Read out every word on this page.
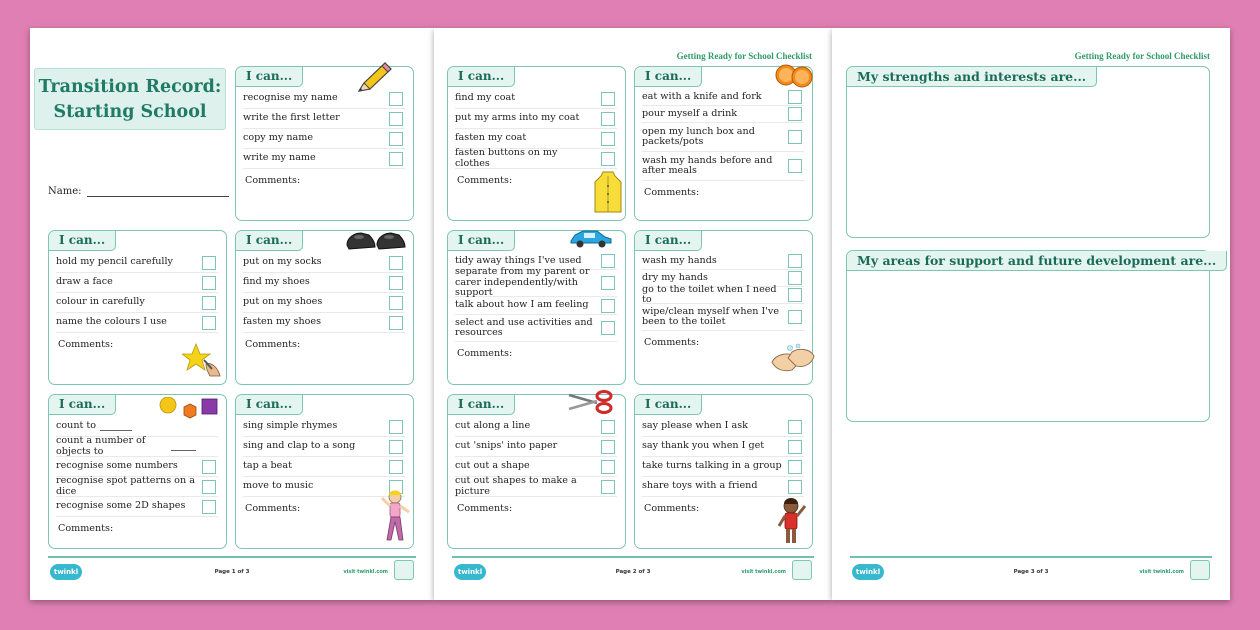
Transition Record:
Starting School
Name:
I can...
recognise my name
write the first letter
copy my name
write my name
Comments:
I can...
hold my pencil carefully
draw a face
colour in carefully
name the colours I use
Comments:
I can...
put on my socks
find my shoes
put on my shoes
fasten my shoes
Comments:
I can...
count to
count a number of objects to
recognise some numbers
recognise spot patterns on a dice
recognise some 2D shapes
Comments:
I can...
sing simple rhymes
sing and clap to a song
tap a beat
move to music
Comments:
twinkl	Page 1 of 3	visit twinkl.com
Getting Ready for School Checklist
I can...
find my coat
put my arms into my coat
fasten my coat
fasten buttons on my clothes
Comments:
I can...
eat with a knife and fork
pour myself a drink
open my lunch box and packets/pots
wash my hands before and after meals
Comments:
I can...
tidy away things I've used
separate from my parent or carer independently/with support
talk about how I am feeling
select and use activities and resources
Comments:
I can...
wash my hands
dry my hands
go to the toilet when I need to
wipe/clean myself when I've been to the toilet
Comments:
I can...
cut along a line
cut 'snips' into paper
cut out a shape
cut out shapes to make a picture
Comments:
I can...
say please when I ask
say thank you when I get
take turns talking in a group
share toys with a friend
Comments:
twinkl	Page 2 of 3	visit twinkl.com
Getting Ready for School Checklist
My strengths and interests are...
My areas for support and future development are...
twinkl	Page 3 of 3	visit twinkl.com
